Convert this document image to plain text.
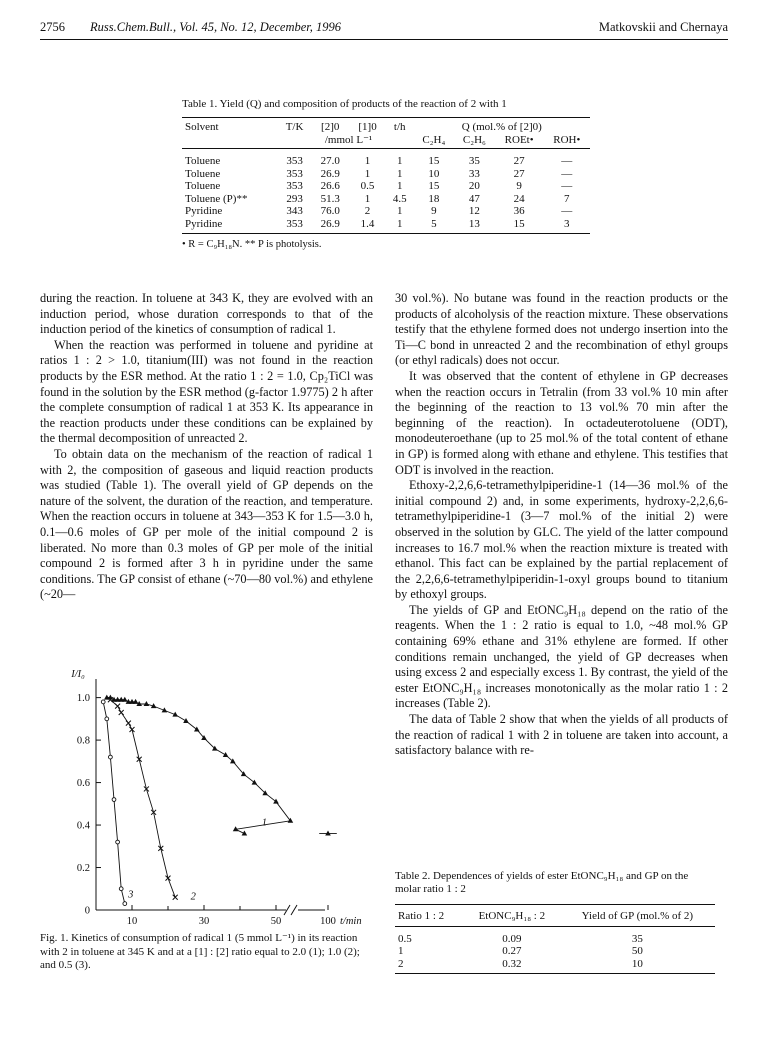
2756 Russ.Chem.Bull., Vol. 45, No. 12, December, 1996	Matkovskii and Chernaya
Table 1. Yield (Q) and composition of products of the reaction of 2 with 1
Solvent	T/K	[2]0	[1]0	t/h	Q (mol.% of [2]0)			
		/mmol L⁻¹			C₂H₄	C₂H₆	ROEt•	ROH•
Toluene	353	27.0	1	1	15	35	27	—
Toluene	353	26.9	1	1	10	33	27	—
Toluene	353	26.6	0.5	1	15	20	9	—
Toluene (P)**	293	51.3	1	4.5	18	47	24	7
Pyridine	343	76.0	2	1	9	12	36	—
Pyridine	353	26.9	1.4	1	5	13	15	3
• R = C₉H₁₈N. ** P is photolysis.

during the reaction. In toluene at 343 K, they are evolved with an induction period, whose duration corresponds to that of the induction period of the kinetics of consumption of radical 1.

When the reaction was performed in toluene and pyridine at ratios 1 : 2 > 1.0, titanium(III) was not found in the reaction products by the ESR method. At the ratio 1 : 2 = 1.0, Cp₂TiCl was found in the solution by the ESR method (g-factor 1.9775) 2 h after the complete consumption of radical 1 at 353 K. Its appearance in the reaction products under these conditions can be explained by the thermal decomposition of unreacted 2.

To obtain data on the mechanism of the reaction of radical 1 with 2, the composition of gaseous and liquid reaction products was studied (Table 1). The overall yield of GP depends on the nature of the solvent, the duration of the reaction, and temperature. When the reaction occurs in toluene at 343—353 K for 1.5—3.0 h, 0.1—0.6 moles of GP per mole of the initial compound 2 is liberated. No more than 0.3 moles of GP per mole of the initial compound 2 is formed after 3 h in pyridine under the same conditions. The GP consist of ethane (~70—80 vol.%) and ethylene (~20—

30 vol.%). No butane was found in the reaction products or the products of alcoholysis of the reaction mixture. These observations testify that the ethylene formed does not undergo insertion into the Ti—C bond in unreacted 2 and the recombination of ethyl groups (or ethyl radicals) does not occur.

It was observed that the content of ethylene in GP decreases when the reaction occurs in Tetralin (from 33 vol.% 10 min after the beginning of the reaction to 13 vol.% 70 min after the beginning of the reaction). In octadeuterotoluene (ODT), monodeuteroethane (up to 25 mol.% of the total content of ethane in GP) is formed along with ethane and ethylene. This testifies that ODT is involved in the reaction.

Ethoxy-2,2,6,6-tetramethylpiperidine-1 (14—36 mol.% of the initial compound 2) and, in some experiments, hydroxy-2,2,6,6-tetramethylpiperidine-1 (3—7 mol.% of the initial 2) were observed in the solution by GLC. The yield of the latter compound increases to 16.7 mol.% when the reaction mixture is treated with ethanol. This fact can be explained by the partial replacement of the 2,2,6,6-tetramethylpiperidin-1-oxyl groups bound to titanium by ethoxyl groups.

The yields of GP and EtONC₉H₁₈ depend on the ratio of the reagents. When the 1 : 2 ratio is equal to 1.0, ~48 mol.% GP containing 69% ethane and 31% ethylene are formed. If other conditions remain unchanged, the yield of GP decreases when using excess 2 and especially excess 1. By contrast, the yield of the ester EtONC₉H₁₈ increases monotonically as the molar ratio 1 : 2 increases (Table 2).

The data of Table 2 show that when the yields of all products of the reaction of radical 1 with 2 in toluene are taken into account, a satisfactory balance with re-

0
0.2
0.4
0.6
0.8
1.0
I/I₀
10	30	50	100 t/min
1
2
3
Fig. 1. Kinetics of consumption of radical 1 (5 mmol L⁻¹) in its reaction with 2 in toluene at 345 K and at a [1] : [2] ratio equal to 2.0 (1); 1.0 (2); and 0.5 (3).
Table 2. Dependences of yields of ester EtONC₉H₁₈ and GP on the molar ratio 1 : 2
Ratio 1 : 2	EtONC₉H₁₈ : 2	Yield of GP (mol.% of 2)
0.5	0.09	35
1	0.27	50
2	0.32	10
